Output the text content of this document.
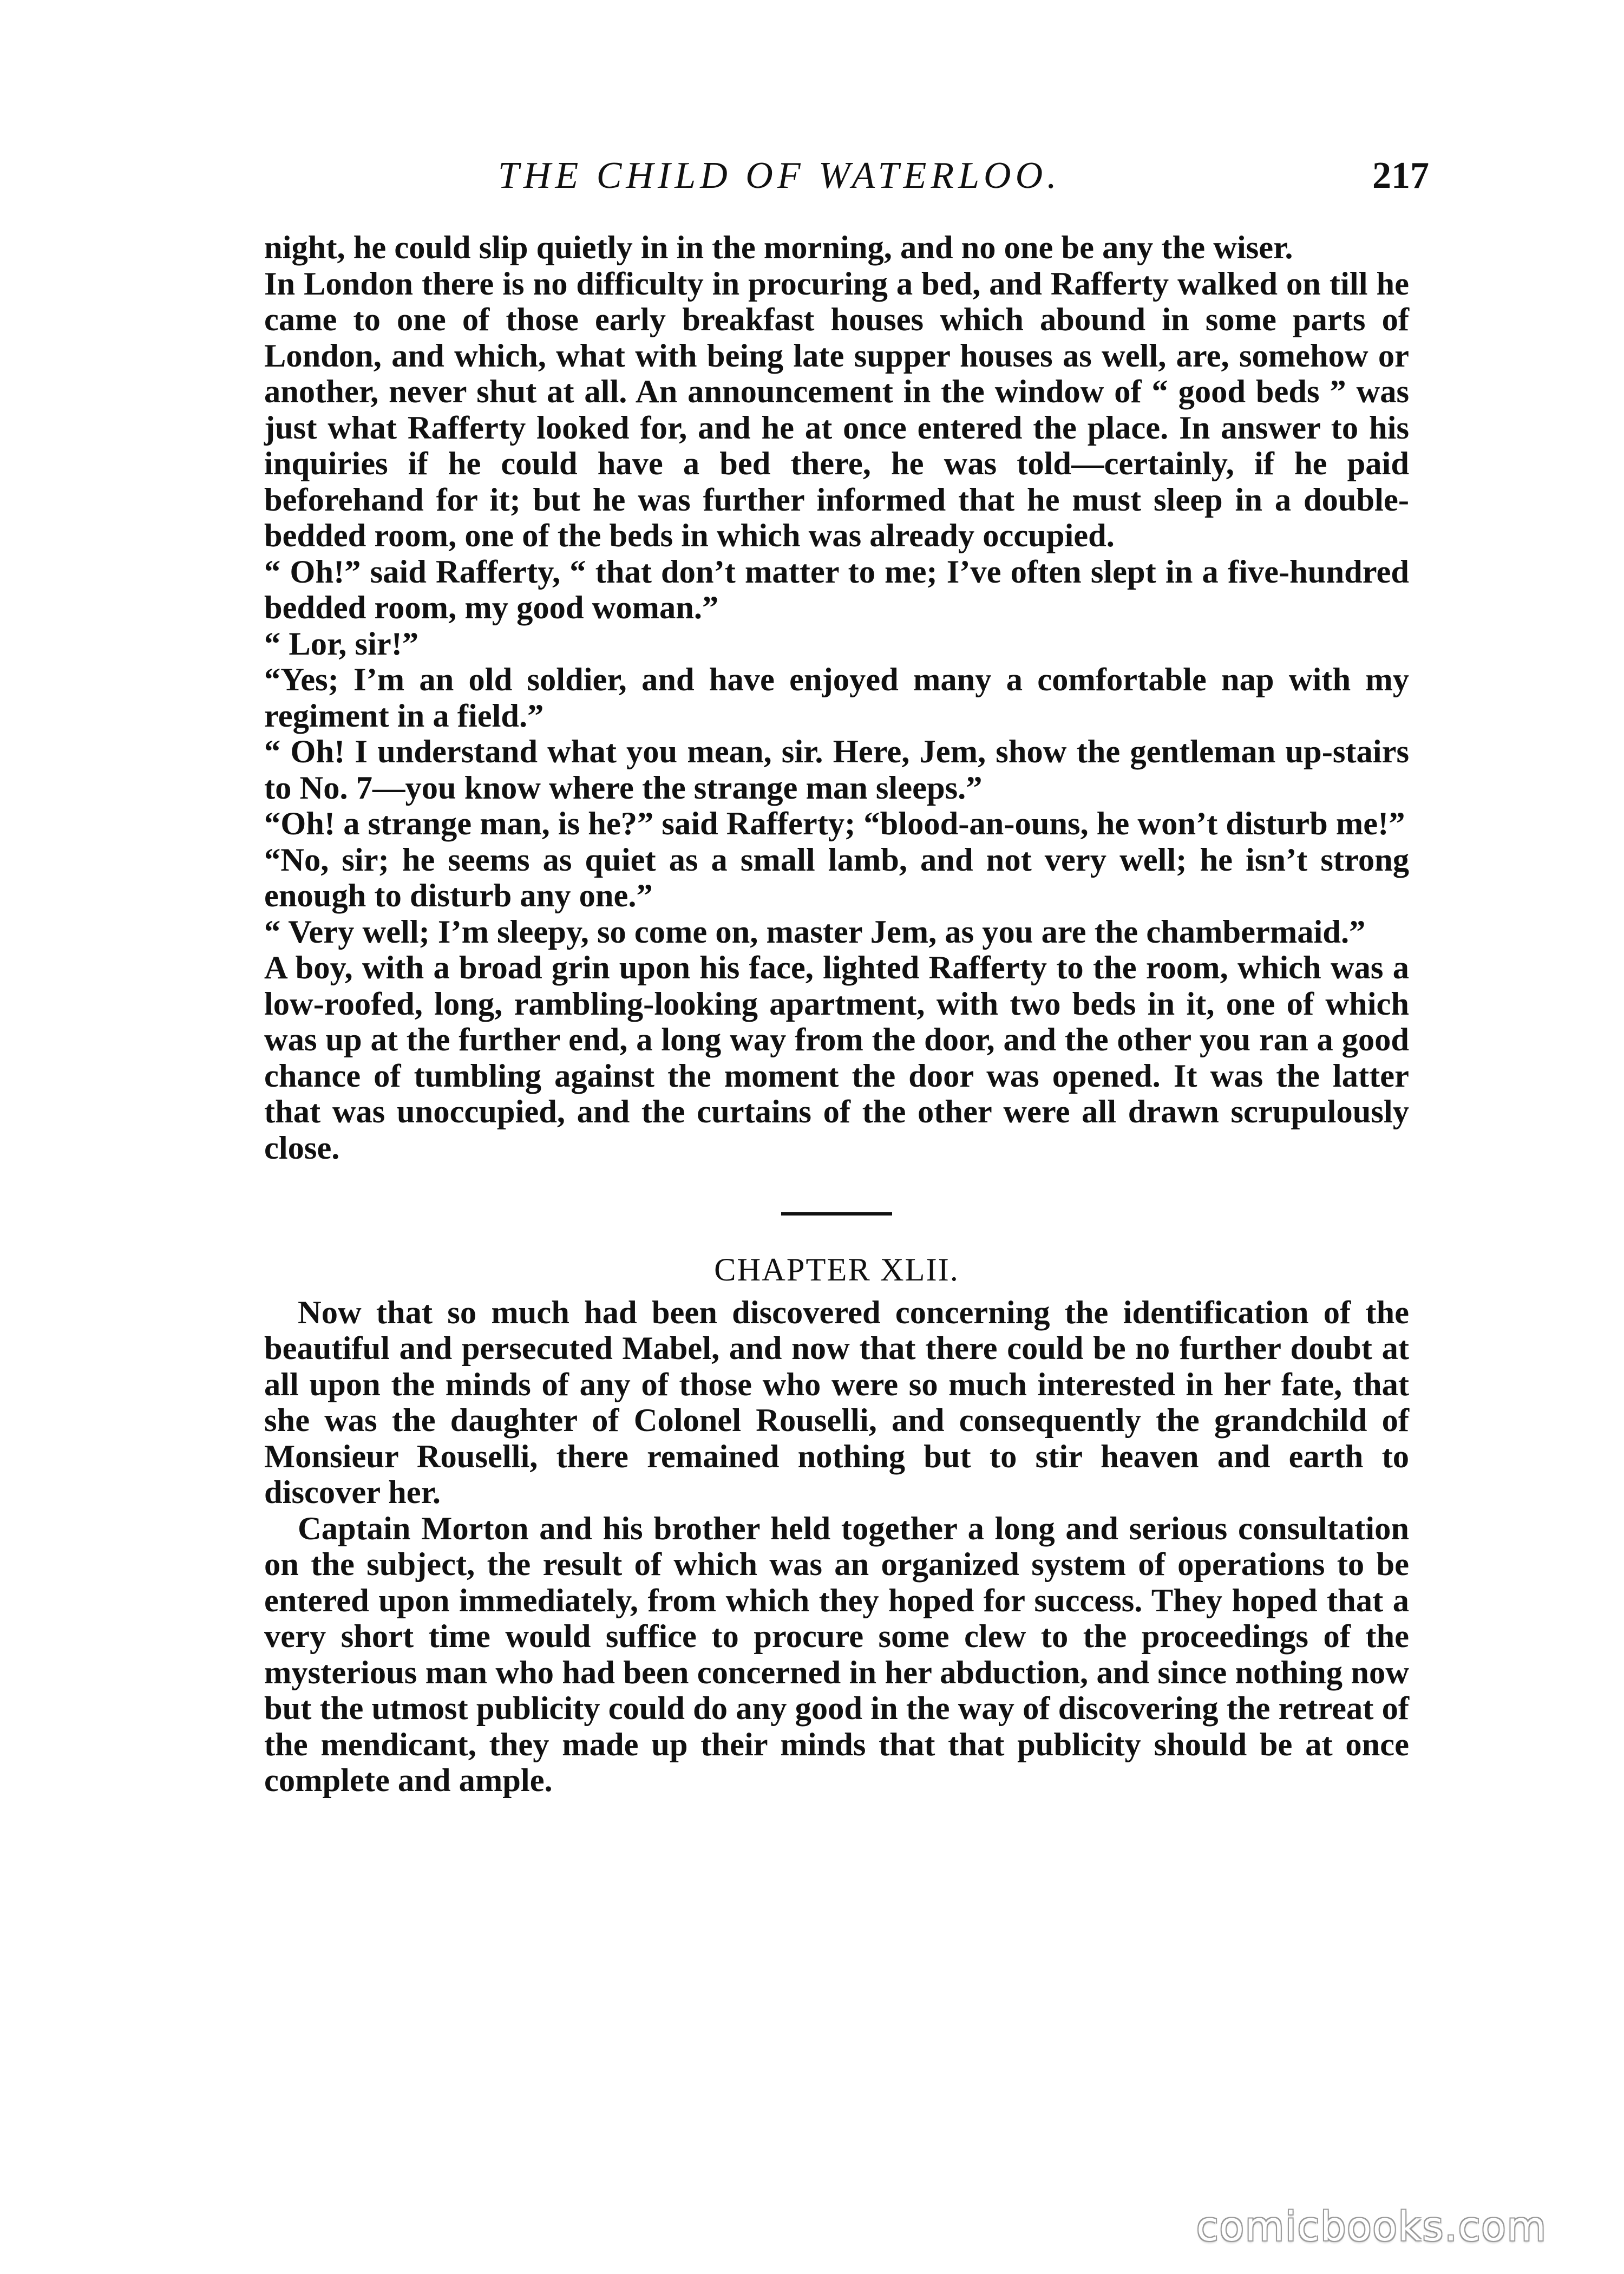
THE CHILD OF WATERLOO.	217

night, he could slip quietly in in the morning, and no one be any the wiser.

In London there is no difficulty in procuring a bed, and Rafferty walked on till he came to one of those early breakfast houses which abound in some parts of London, and which, what with being late supper houses as well, are, somehow or another, never shut at all. An announcement in the window of “ good beds ” was just what Rafferty looked for, and he at once entered the place. In answer to his inquiries if he could have a bed there, he was told—certainly, if he paid beforehand for it; but he was further informed that he must sleep in a double-bedded room, one of the beds in which was already occupied.

“ Oh!” said Rafferty, “ that don’t matter to me; I’ve often slept in a five-hundred bedded room, my good woman.”

“ Lor, sir!”

“Yes; I’m an old soldier, and have enjoyed many a comfortable nap with my regiment in a field.”

“ Oh! I understand what you mean, sir. Here, Jem, show the gentleman up-stairs to No. 7—you know where the strange man sleeps.”

“Oh! a strange man, is he?” said Rafferty; “blood-an-ouns, he won’t disturb me!”

“No, sir; he seems as quiet as a small lamb, and not very well; he isn’t strong enough to disturb any one.”

“ Very well; I’m sleepy, so come on, master Jem, as you are the chambermaid.”

A boy, with a broad grin upon his face, lighted Rafferty to the room, which was a low-roofed, long, rambling-looking apartment, with two beds in it, one of which was up at the further end, a long way from the door, and the other you ran a good chance of tumbling against the moment the door was opened. It was the latter that was unoccupied, and the curtains of the other were all drawn scrupulously close.

CHAPTER XLII.

Now that so much had been discovered concerning the identification of the beautiful and persecuted Mabel, and now that there could be no further doubt at all upon the minds of any of those who were so much interested in her fate, that she was the daughter of Colonel Rouselli, and consequently the grandchild of Monsieur Rouselli, there remained nothing but to stir heaven and earth to discover her.

Captain Morton and his brother held together a long and serious consultation on the subject, the result of which was an organized system of operations to be entered upon immediately, from which they hoped for success. They hoped that a very short time would suffice to procure some clew to the proceedings of the mysterious man who had been concerned in her abduction, and since nothing now but the utmost publicity could do any good in the way of discovering the retreat of the mendicant, they made up their minds that that publicity should be at once complete and ample.

comicbooks.com
